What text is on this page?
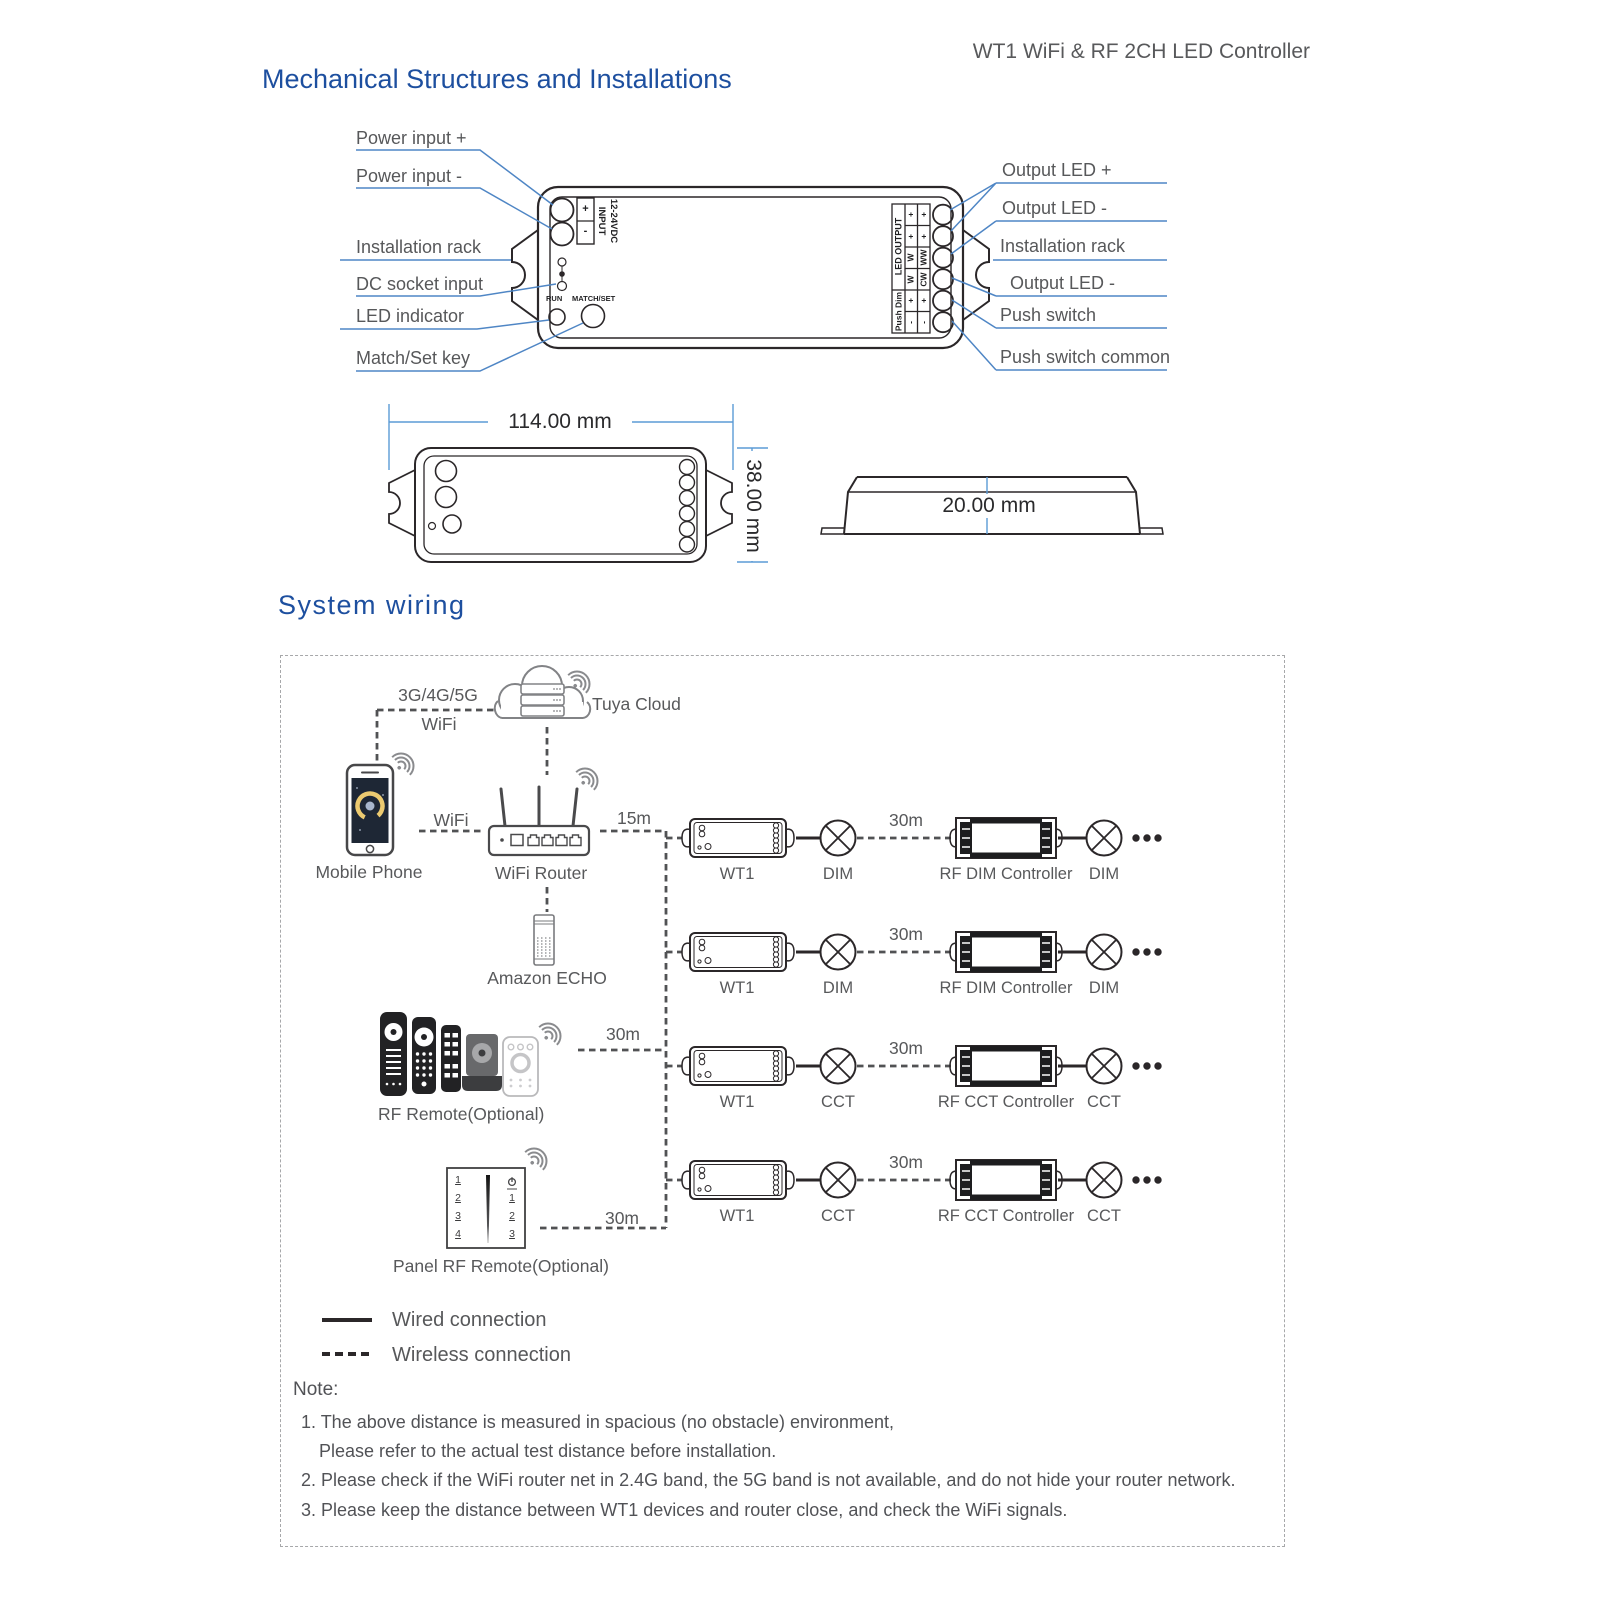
WT1 WiFi & RF 2CH LED Controller
Mechanical Structures and Installations
System wiring
Power input +
Power input -
Installation rack
DC socket input
LED indicator
Match/Set key
Output LED +
Output LED -
Installation rack
Output LED -
Push switch
Push switch common
+
- INPUT 12-24VDC
RUN MATCH/SET
LED OUTPUT
Push Dim
+ +
+ +
W WW
W CW
+ +
- -
114.00 mm
38.00 mm	20.00 mm
3G/4G/5G
WiFi
Tuya Cloud
Mobile Phone
WiFi
WiFi Router
15m
Amazon ECHO
RF Remote(Optional)
30m
Panel RF Remote(Optional)
30m
WT1	DIM
30m
RF DIM Controller DIM
WT1	DIM
30m
RF DIM Controller DIM
WT1	CCT
30m
RF CCT Controller CCT
WT1	CCT
30m
RF CCT Controller CCT
1
2
3
4
1
2
3
Wired connection
Wireless connection
Note:
1. The above distance is measured in spacious (no obstacle) environment,
Please refer to the actual test distance before installation.
2. Please check if the WiFi router net in 2.4G band, the 5G band is not available, and do not hide your router network.
3. Please keep the distance between WT1 devices and router close, and check the WiFi signals.
